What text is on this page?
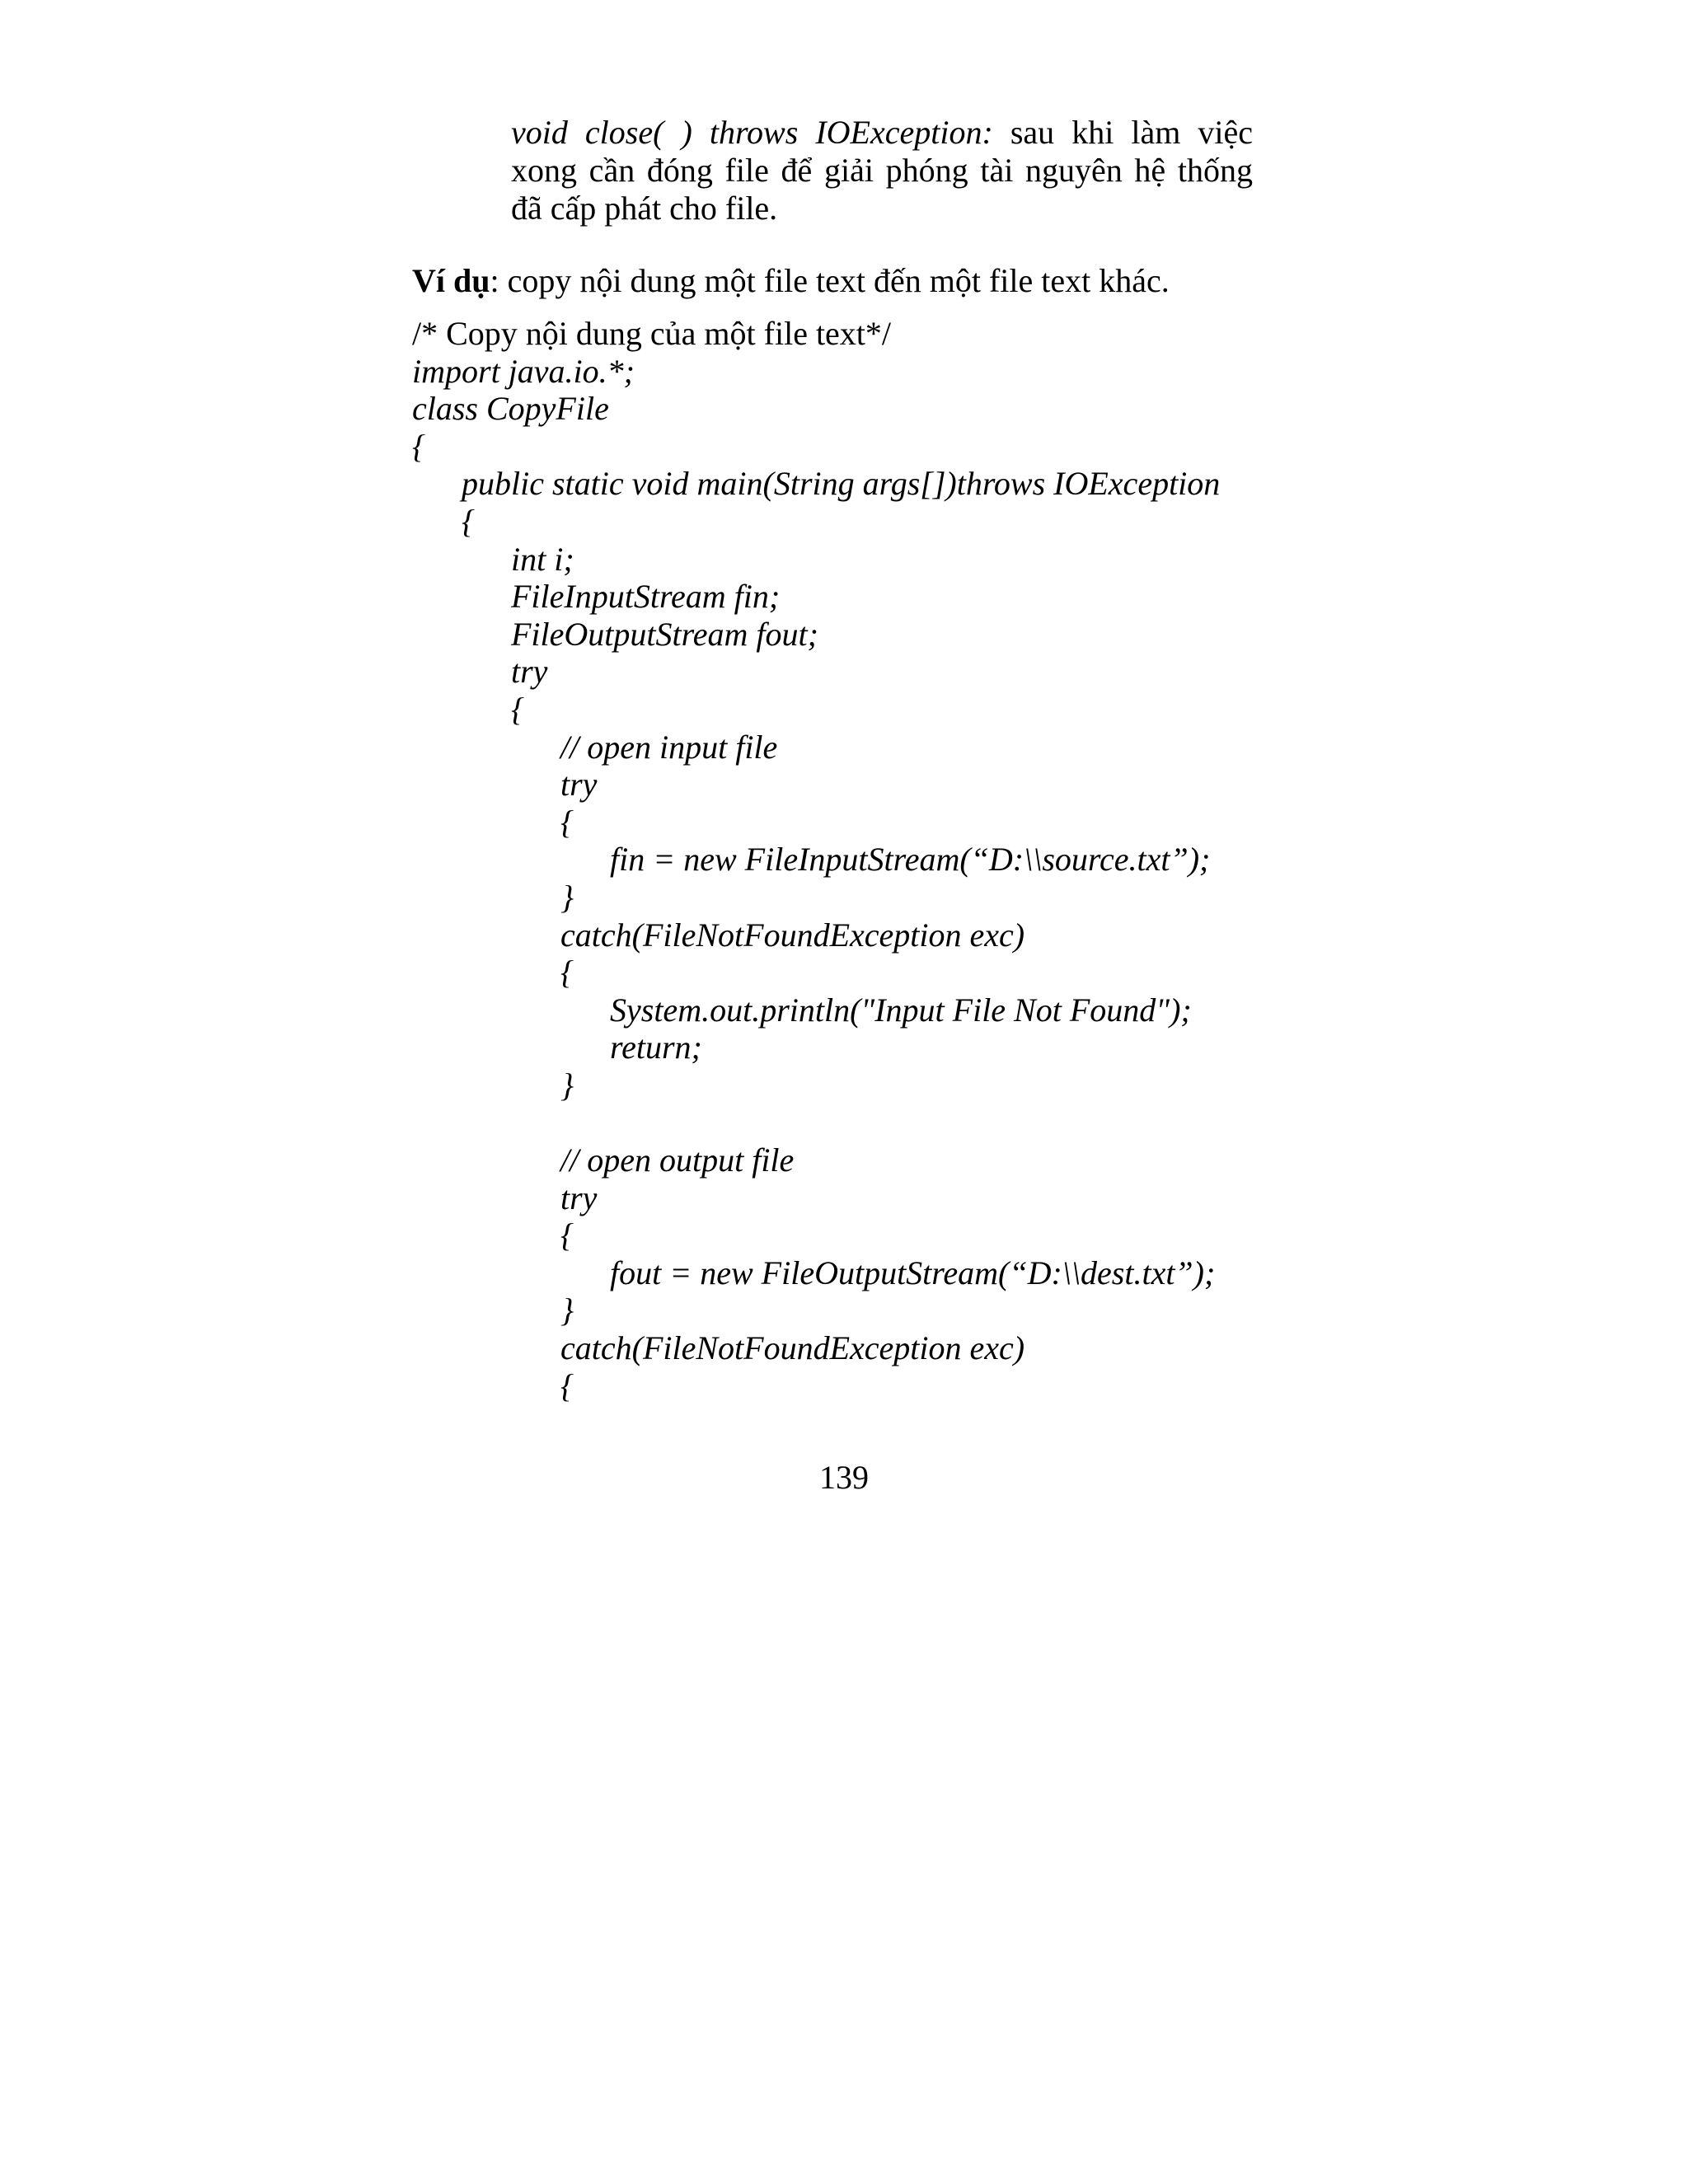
void close( ) throws IOException: sau khi làm việc xong cần đóng file để giải phóng tài nguyên hệ thống đã cấp phát cho file.

Ví dụ: copy nội dung một file text đến một file text khác.

/* Copy nội dung của một file text*/
import java.io.*;
class CopyFile
{
public static void main(String args[])throws IOException
{
int i;
FileInputStream fin;
FileOutputStream fout;
try
{
// open input file
try
{
fin = new FileInputStream(“D:\\source.txt”);
}
catch(FileNotFoundException exc)
{
System.out.println("Input File Not Found");
return;
}
// open output file
try
{
fout = new FileOutputStream(“D:\\dest.txt”);
}
catch(FileNotFoundException exc)
{
139
